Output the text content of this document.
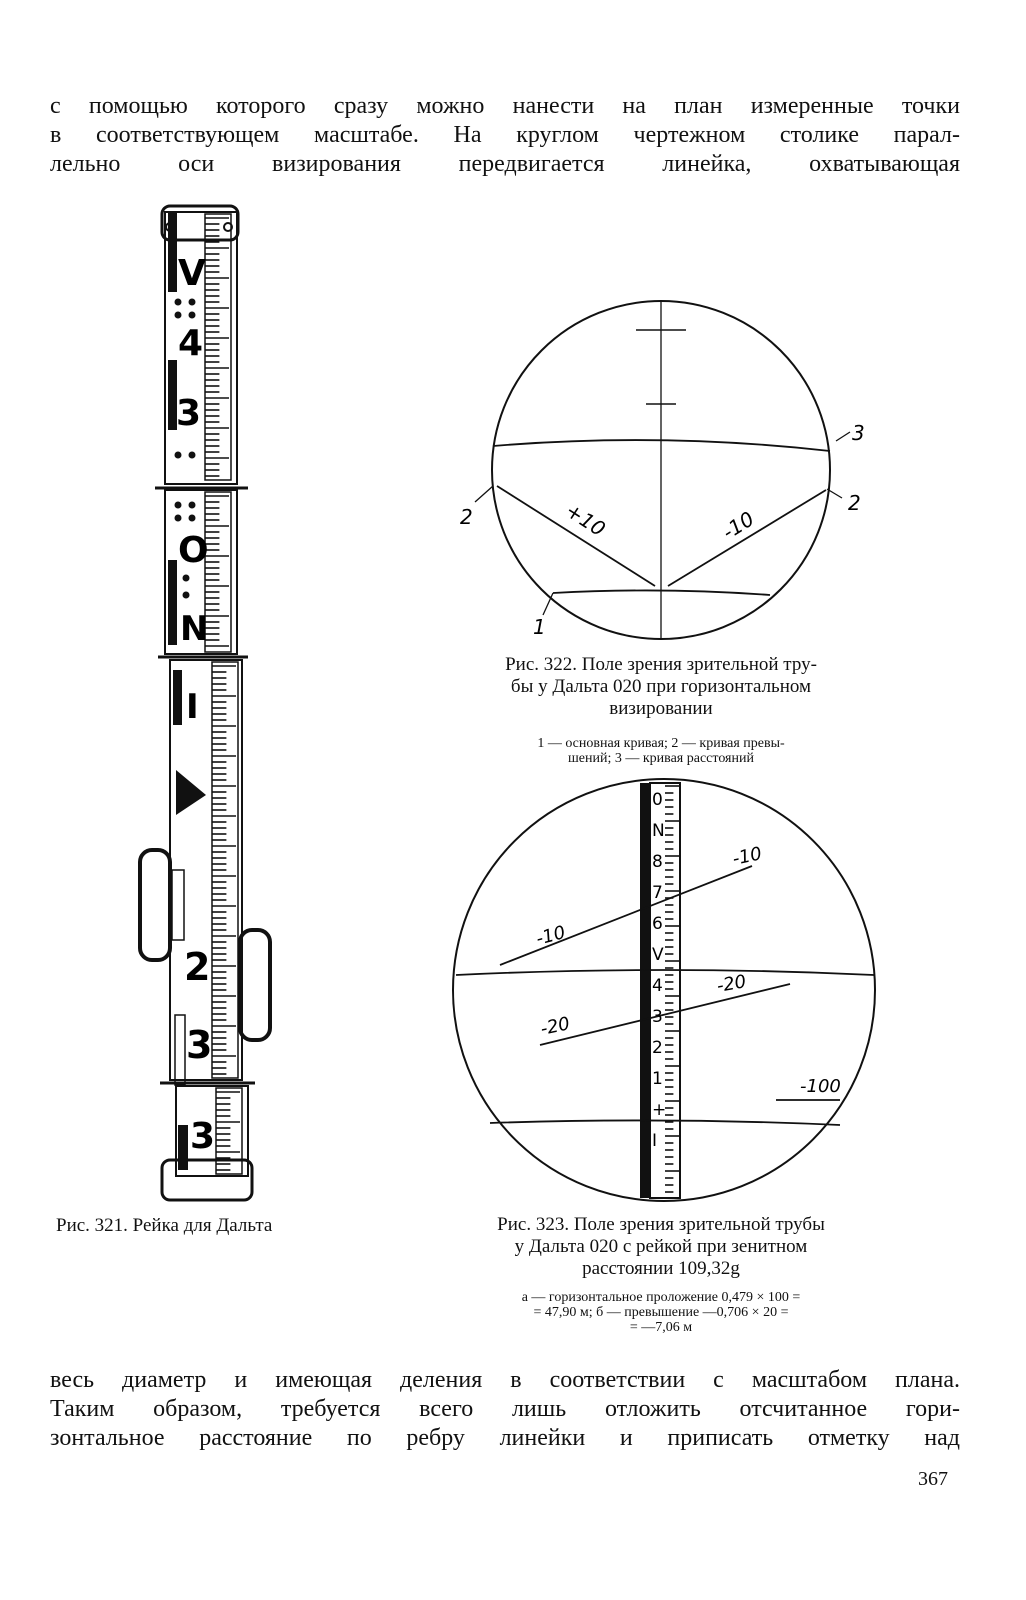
с помощью которого сразу можно нанести на план измеренные точки
в соответствующем масштабе. На круглом чертежном столике парал-
лельно оси визирования передвигается линейка, охватывающая
V
4
3
O
N
I
2
3
3
+10	-10
1
2
2
3
0
N
8
7
6
V
4
3
2
1
+
I
-10
-10
-20
-20
-100
Рис. 321. Рейка для Дальта
Рис. 322. Поле зрения зрительной тру-
бы у Дальта 020 при горизонтальном
визировании
1 — основная кривая; 2 — кривая превы-
шений; 3 — кривая расстояний
Рис. 323. Поле зрения зрительной трубы
у Дальта 020 с рейкой при зенитном
расстоянии 109,32g
а — горизонтальное проложение 0,479 × 100 =
= 47,90 м; б — превышение —0,706 × 20 =
= —7,06 м
весь диаметр и имеющая деления в соответствии с масштабом плана.
Таким образом, требуется всего лишь отложить отсчитанное гори-
зонтальное расстояние по ребру линейки и приписать отметку над
367
